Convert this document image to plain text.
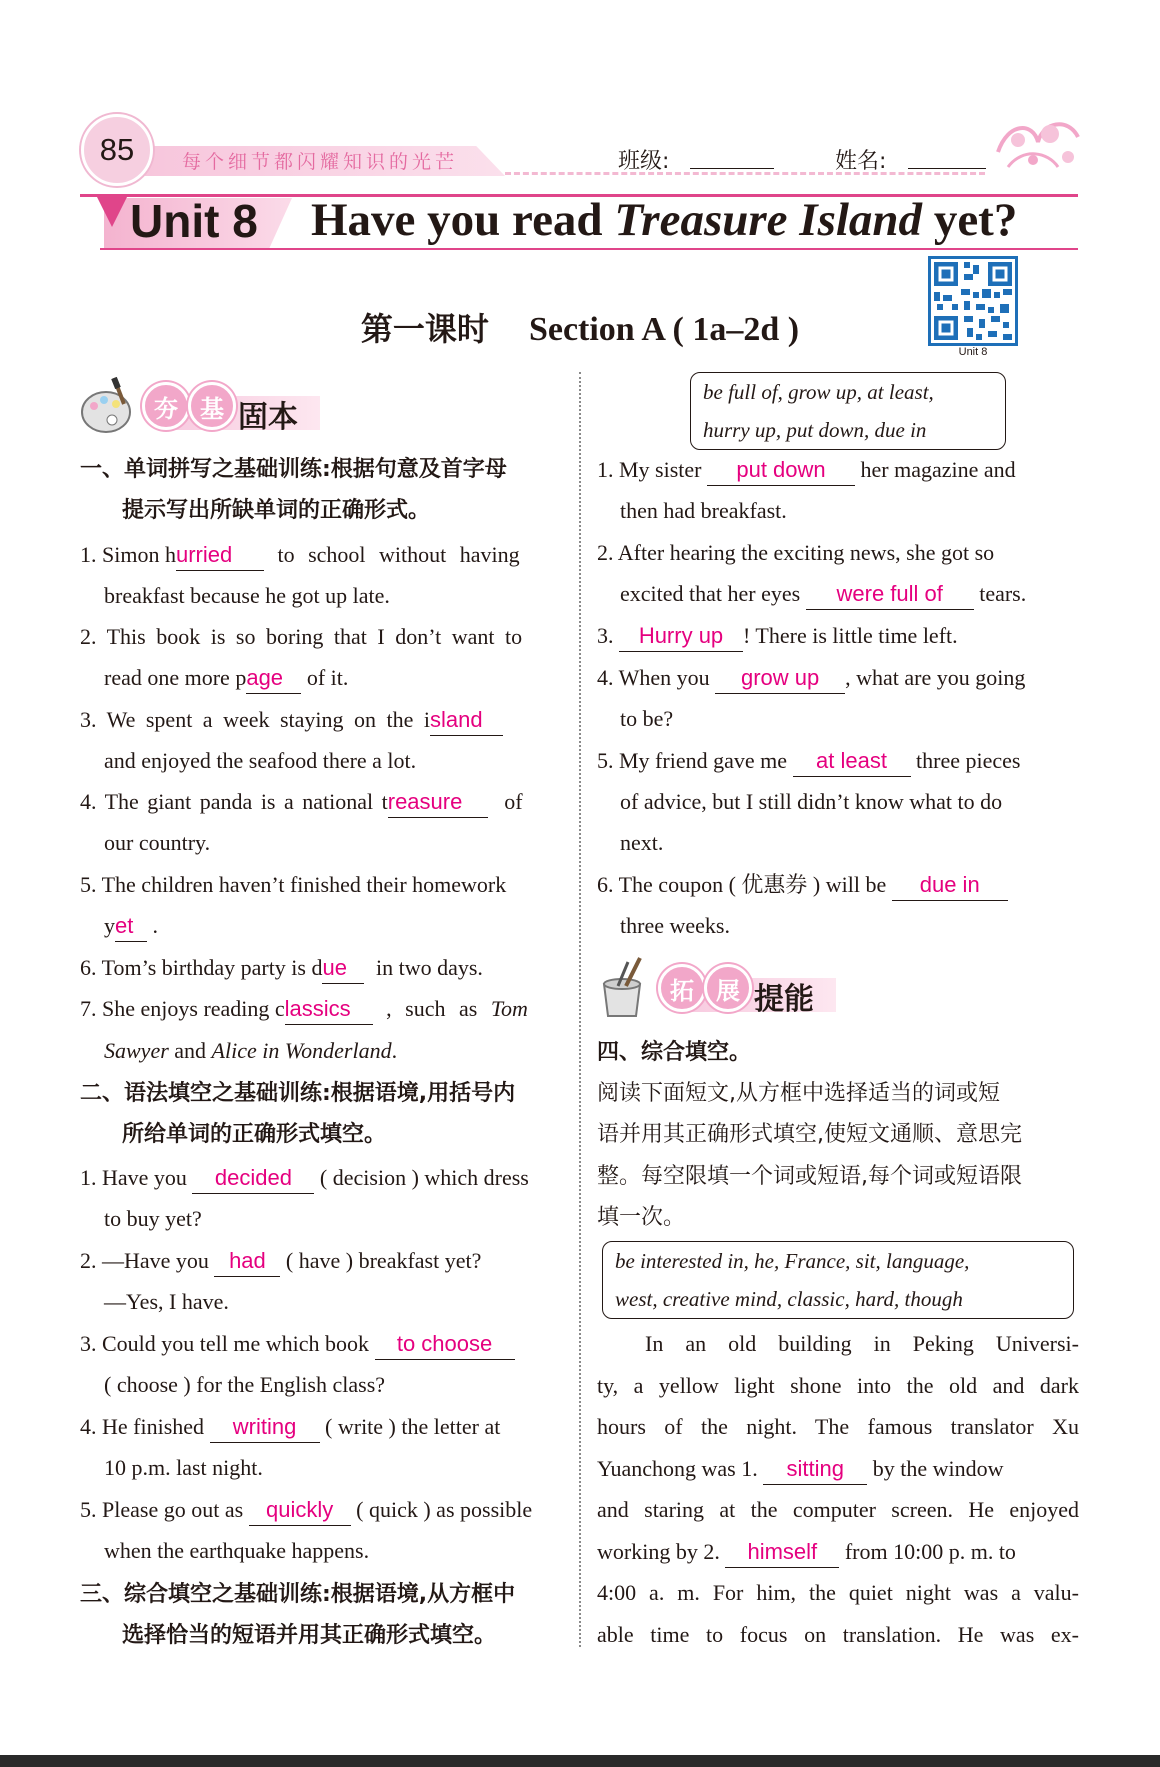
85	每个细节都闪耀知识的光芒	班级:	姓名:
Unit 8 Have you read Treasure Island yet?
第一课时 Section A ( 1a–2d )
Unit 8
夯 基 固本
一、单词拼写之基础训练:根据句意及首字母
提示写出所缺单词的正确形式。
1. Simon hurried to school without having
breakfast because he got up late.
2. This book is so boring that I don’t want to
read one more page of it.
3. We spent a week staying on the island
and enjoyed the seafood there a lot.
4. The giant panda is a national treasure of
our country.
5. The children haven’t finished their homework
yet .
6. Tom’s birthday party is due in two days.
7. She enjoys reading classics , such as Tom
Sawyer and Alice in Wonderland.
二、语法填空之基础训练:根据语境,用括号内
所给单词的正确形式填空。
1. Have you decided ( decision ) which dress
to buy yet?
2. —Have you had ( have ) breakfast yet?
—Yes, I have.
3. Could you tell me which book to choose
( choose ) for the English class?
4. He finished writing ( write ) the letter at
10 p.m. last night.
5. Please go out as quickly ( quick ) as possible
when the earthquake happens.
三、综合填空之基础训练:根据语境,从方框中
选择恰当的短语并用其正确形式填空。
be full of, grow up, at least,
hurry up, put down, due in
1. My sister put down her magazine and
then had breakfast.
2. After hearing the exciting news, she got so
excited that her eyes were full of tears.
3. Hurry up ! There is little time left.
4. When you grow up , what are you going
to be?
5. My friend gave me at least three pieces
of advice, but I still didn’t know what to do
next.
6. The coupon ( 优惠券 ) will be due in
three weeks.
拓 展 提能
四、综合填空。
阅读下面短文,从方框中选择适当的词或短
语并用其正确形式填空,使短文通顺、意思完
整。每空限填一个词或短语,每个词或短语限
填一次。
be interested in, he, France, sit, language,
west, creative mind, classic, hard, though
In an old building in Peking Universi-
ty, a yellow light shone into the old and dark
hours of the night. The famous translator Xu
Yuanchong was 1. sitting by the window
and staring at the computer screen. He enjoyed
working by 2. himself from 10:00 p. m. to
4:00 a. m. For him, the quiet night was a valu-
able time to focus on translation. He was ex-
